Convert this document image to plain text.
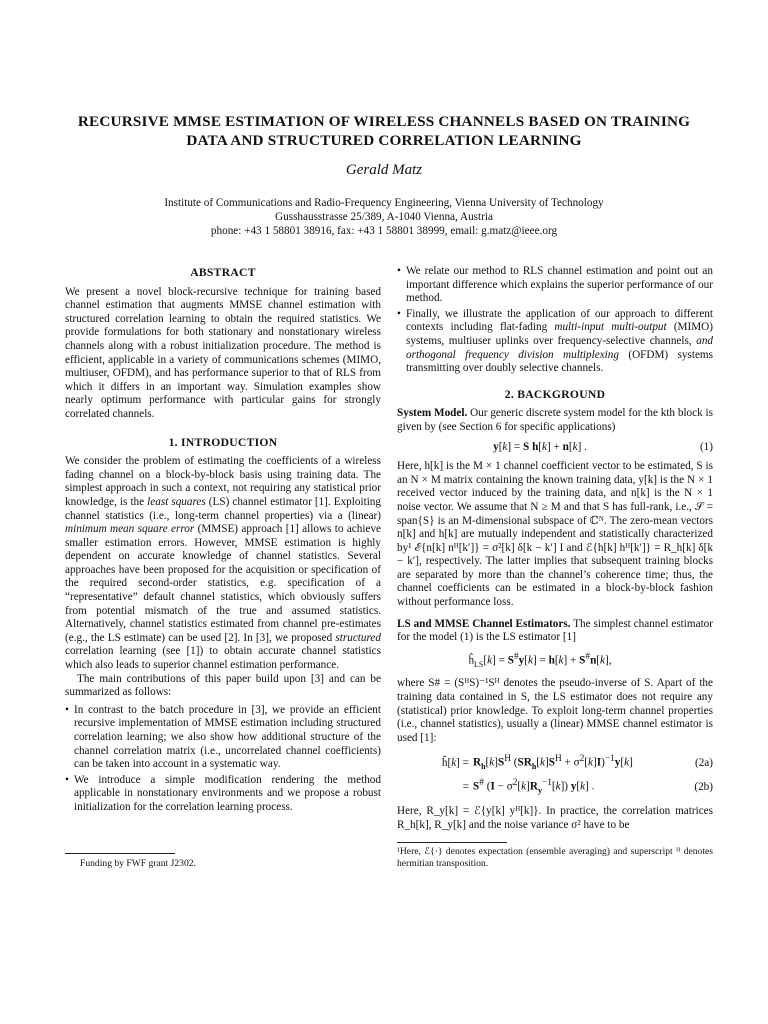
RECURSIVE MMSE ESTIMATION OF WIRELESS CHANNELS BASED ON TRAINING DATA AND STRUCTURED CORRELATION LEARNING
Gerald Matz
Institute of Communications and Radio-Frequency Engineering, Vienna University of Technology
Gusshausstrasse 25/389, A-1040 Vienna, Austria
phone: +43 1 58801 38916, fax: +43 1 58801 38999, email: g.matz@ieee.org
ABSTRACT

We present a novel block-recursive technique for training based channel estimation that augments MMSE channel estimation with structured correlation learning to obtain the required statistics. We provide formulations for both stationary and nonstationary wireless channels along with a robust initialization procedure. The method is efficient, applicable in a variety of communications schemes (MIMO, multiuser, OFDM), and has performance superior to that of RLS from which it differs in an important way. Simulation examples show nearly optimum performance with particular gains for strongly correlated channels.

1. INTRODUCTION

We consider the problem of estimating the coefficients of a wireless fading channel on a block-by-block basis using training data. The simplest approach in such a context, not requiring any statistical prior knowledge, is the least squares (LS) channel estimator [1]. Exploiting channel statistics (i.e., long-term channel properties) via a (linear) minimum mean square error (MMSE) approach [1] allows to achieve smaller estimation errors. However, MMSE estimation is highly dependent on accurate knowledge of channel statistics. Several approaches have been proposed for the acquisition or specification of the required second-order statistics, e.g. specification of a “representative” default channel statistics, which obviously suffers from potential mismatch of the true and assumed statistics. Alternatively, channel statistics estimated from channel pre-estimates (e.g., the LS estimate) can be used [2]. In [3], we proposed structured correlation learning (see [1]) to obtain accurate channel statistics which also leads to superior channel estimation performance.

The main contributions of this paper build upon [3] and can be summarized as follows:

• In contrast to the batch procedure in [3], we provide an efficient recursive implementation of MMSE estimation including structured correlation learning; we also show how additional structure of the channel correlation matrix (i.e., uncorrelated channel coefficients) can be taken into account in a systematic way.
• We introduce a simple modification rendering the method applicable in nonstationary environments and we propose a robust initialization for the correlation learning process.
• We relate our method to RLS channel estimation and point out an important difference which explains the superior performance of our method.
• Finally, we illustrate the application of our approach to different contexts including flat-fading multi-input multi-output (MIMO) systems, multiuser uplinks over frequency-selective channels, and orthogonal frequency division multiplexing (OFDM) systems transmitting over doubly selective channels.
2. BACKGROUND

System Model. Our generic discrete system model for the kth block is given by (see Section 6 for specific applications)

y[k] = S h[k] + n[k] .	(1)

Here, h[k] is the M × 1 channel coefficient vector to be estimated, S is an N × M matrix containing the known training data, y[k] is the N × 1 received vector induced by the training data, and n[k] is the N × 1 noise vector. We assume that N ≥ M and that S has full-rank, i.e., 𝒮 = span{S} is an M-dimensional subspace of ℂᴺ. The zero-mean vectors n[k] and h[k] are mutually independent and statistically characterized by¹ ℰ{n[k] nᴴ[k′]} = σ²[k] δ[k − k′] I and ℰ{h[k] hᴴ[k′]} = R_h[k] δ[k − k′], respectively. The latter implies that subsequent training blocks are separated by more than the channel’s coherence time; thus, the channel coefficients can be estimated in a block-by-block fashion without performance loss.

LS and MMSE Channel Estimators. The simplest channel estimator for the model (1) is the LS estimator [1]

$ĥ_{LS}[k] = S^{\#}y[k] = h[k] + S^{\#}n[k]$,

where S# = (SᴴS)⁻¹Sᴴ denotes the pseudo-inverse of S. Apart of the training data contained in S, the LS estimator does not require any (statistical) prior knowledge. To exploit long-term channel properties (i.e., channel statistics), usually a (linear) MMSE channel estimator is used [1]:

ĥ[k] = $R_h[k]S^H$ $(SR_h[k]S^H + \sigma^2[k]I)^{-1}y[k]$	(2a)
= S# $(I - \sigma^2[k]R_y^{-1}[k])$ y[k] .	(2b)

Here, R_y[k] = ℰ{y[k] yᴴ[k]}. In practice, the correlation matrices R_h[k], R_y[k] and the noise variance σ² have to be

Funding by FWF grant J2302.
¹Here, ℰ{·} denotes expectation (ensemble averaging) and superscript ᴴ denotes hermitian transposition.
